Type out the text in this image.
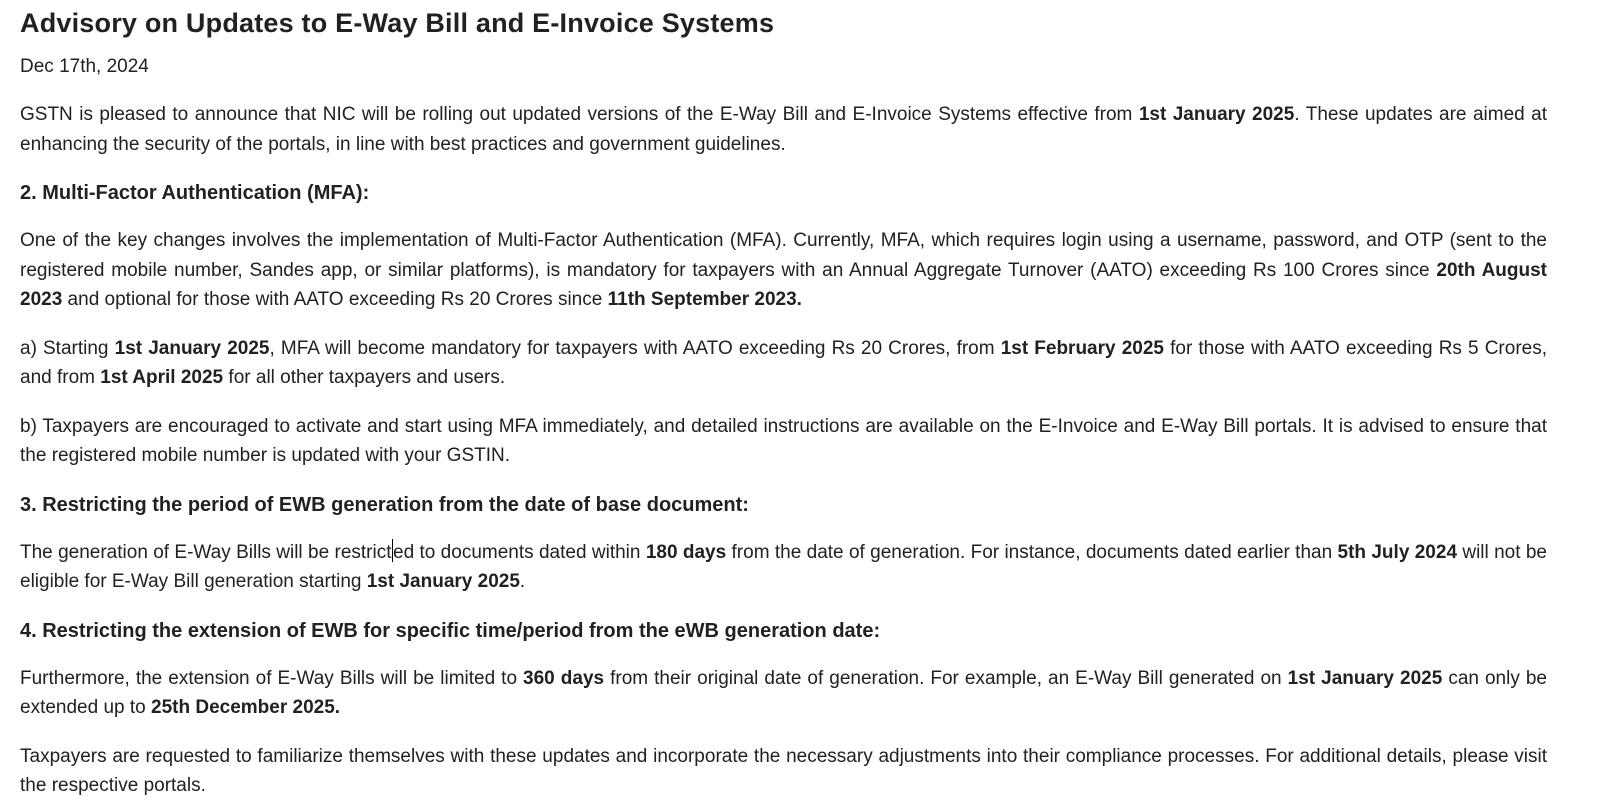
Advisory on Updates to E-Way Bill and E-Invoice Systems
Dec 17th, 2024

GSTN is pleased to announce that NIC will be rolling out updated versions of the E-Way Bill and E-Invoice Systems effective from 1st January 2025. These updates are aimed at enhancing the security of the portals, in line with best practices and government guidelines.

2. Multi-Factor Authentication (MFA):

One of the key changes involves the implementation of Multi-Factor Authentication (MFA). Currently, MFA, which requires login using a username, password, and OTP (sent to the registered mobile number, Sandes app, or similar platforms), is mandatory for taxpayers with an Annual Aggregate Turnover (AATO) exceeding Rs 100 Crores since 20th August 2023 and optional for those with AATO exceeding Rs 20 Crores since 11th September 2023.

a) Starting 1st January 2025, MFA will become mandatory for taxpayers with AATO exceeding Rs 20 Crores, from 1st February 2025 for those with AATO exceeding Rs 5 Crores, and from 1st April 2025 for all other taxpayers and users.

b) Taxpayers are encouraged to activate and start using MFA immediately, and detailed instructions are available on the E-Invoice and E-Way Bill portals. It is advised to ensure that the registered mobile number is updated with your GSTIN.

3. Restricting the period of EWB generation from the date of base document:

The generation of E-Way Bills will be restricted to documents dated within 180 days from the date of generation. For instance, documents dated earlier than 5th July 2024 will not be eligible for E-Way Bill generation starting 1st January 2025.

4. Restricting the extension of EWB for specific time/period from the eWB generation date:

Furthermore, the extension of E-Way Bills will be limited to 360 days from their original date of generation. For example, an E-Way Bill generated on 1st January 2025 can only be extended up to 25th December 2025.

Taxpayers are requested to familiarize themselves with these updates and incorporate the necessary adjustments into their compliance processes. For additional details, please visit the respective portals.
